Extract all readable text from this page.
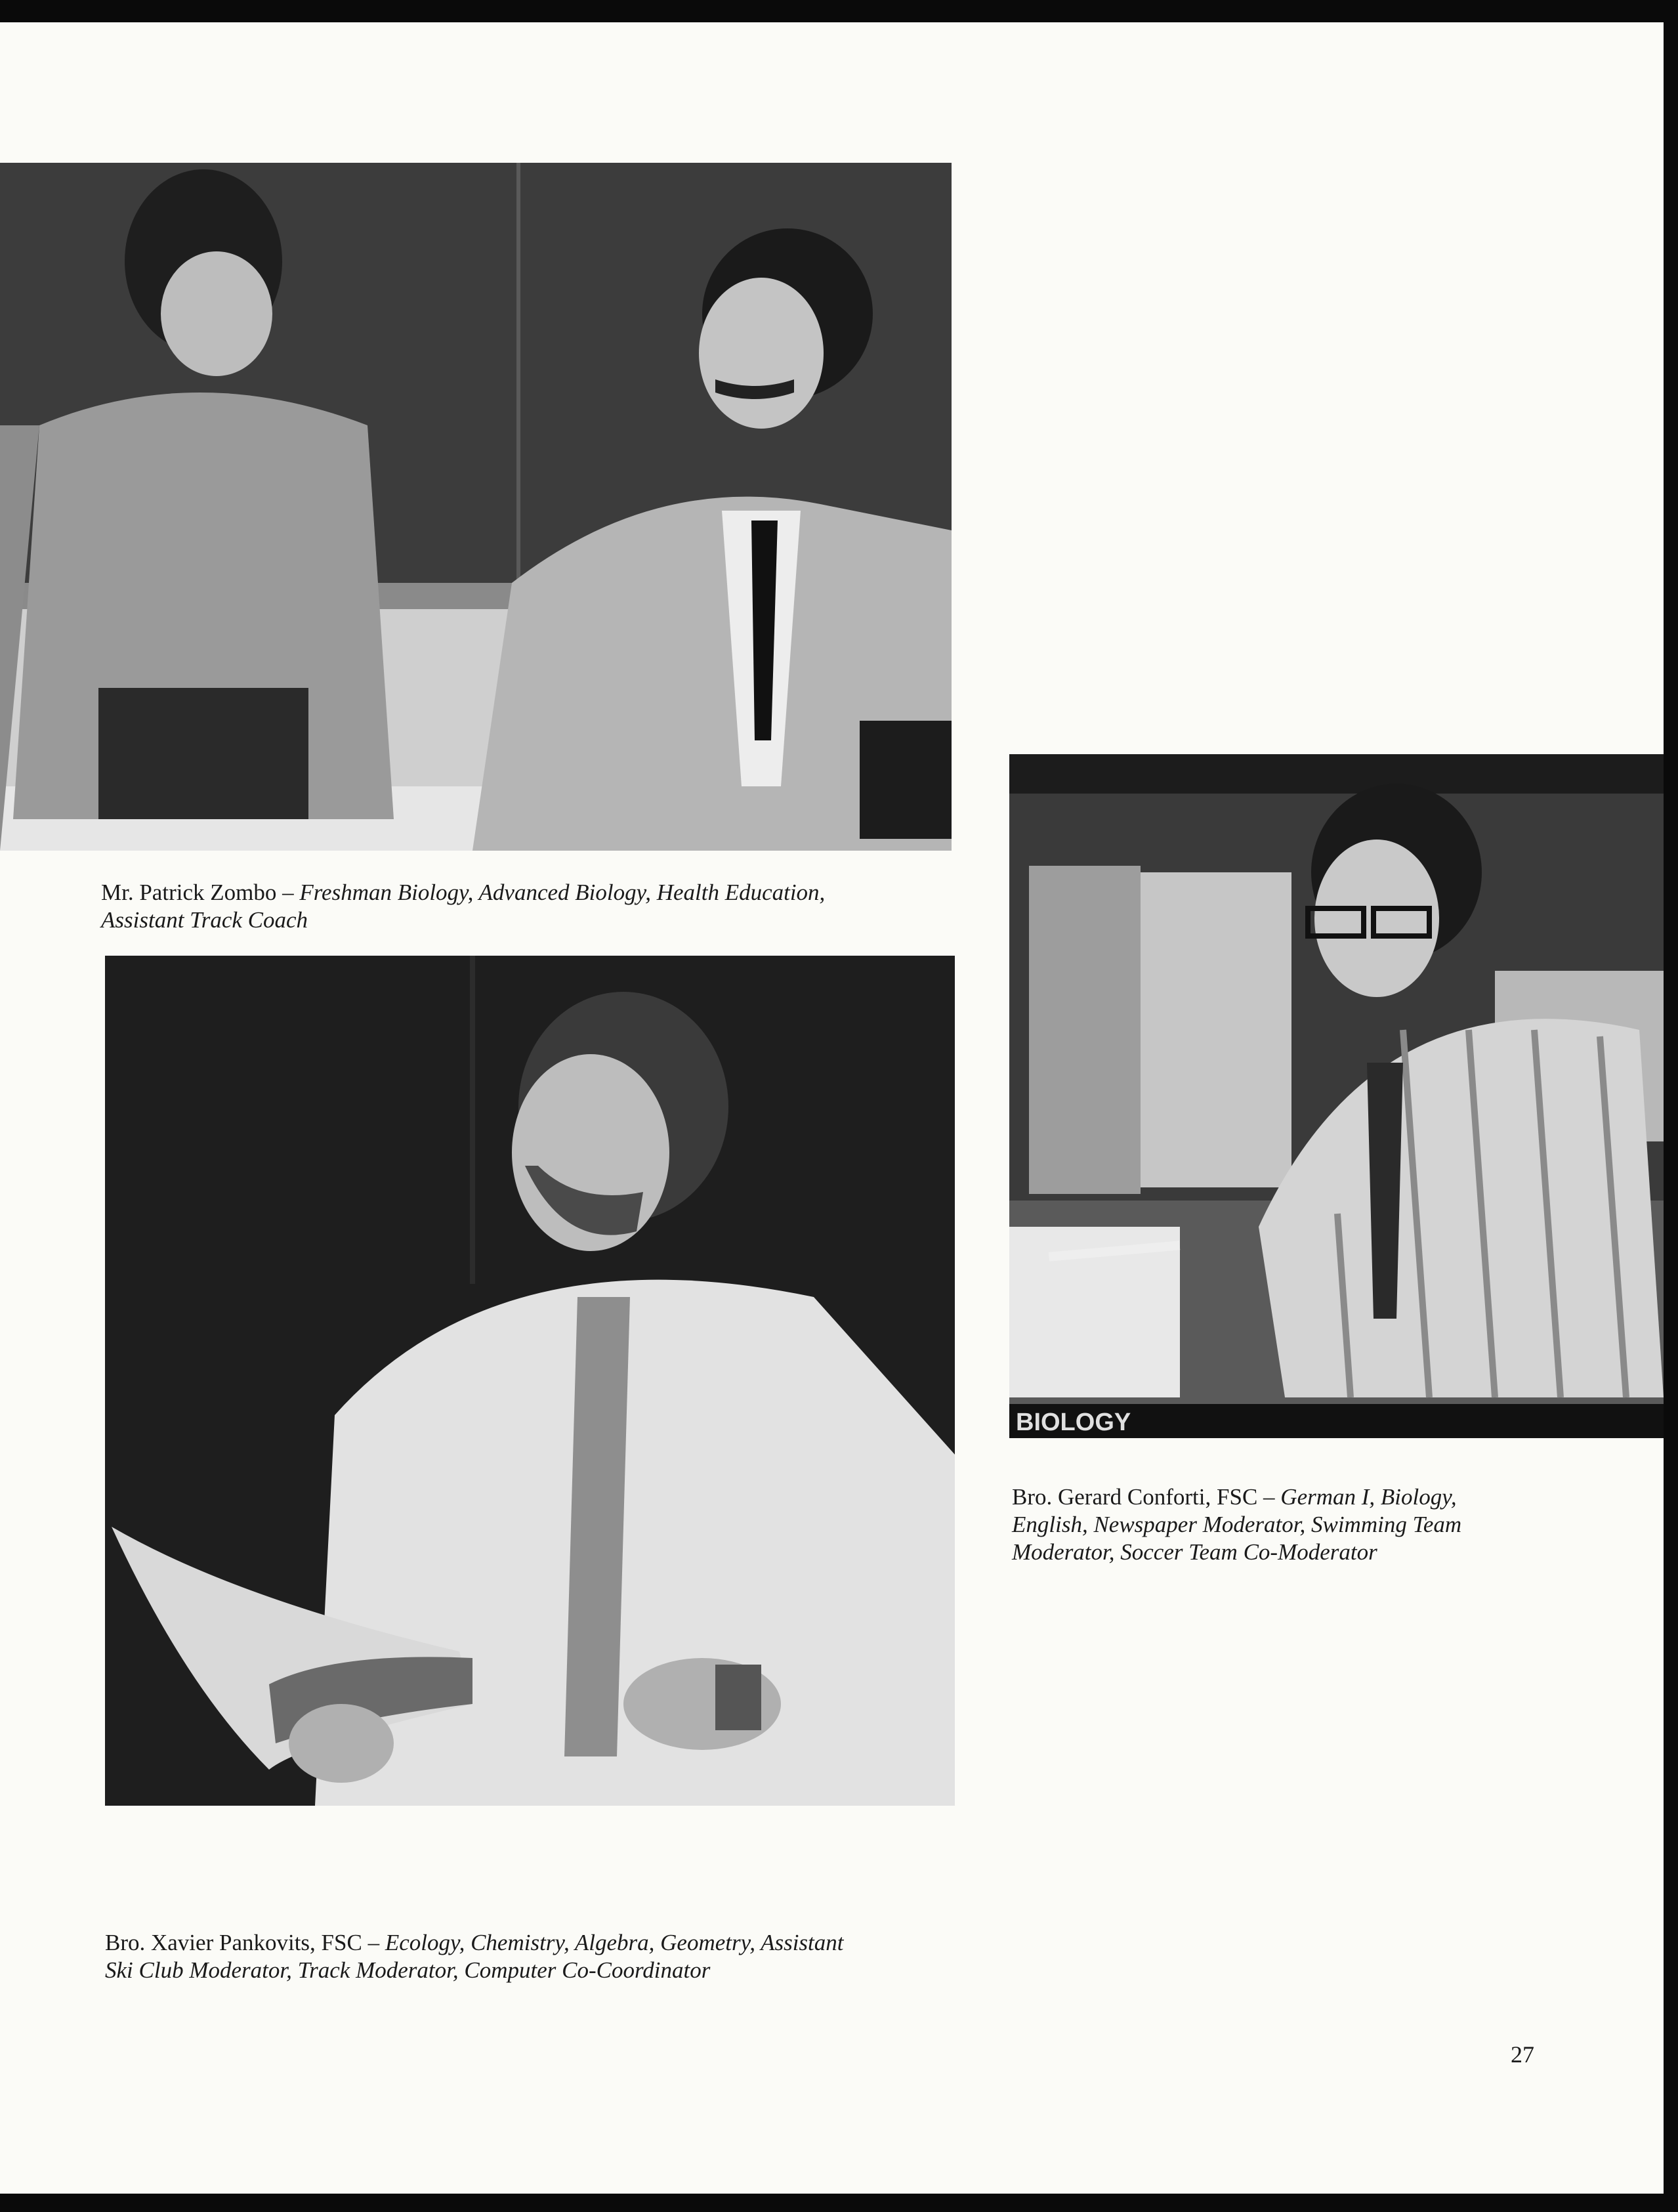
Mr. Patrick Zombo – Freshman Biology, Advanced Biology, Health Education,
Assistant Track Coach
BIOLOGY
Bro. Gerard Conforti, FSC – German I, Biology,
English, Newspaper Moderator, Swimming Team
Moderator, Soccer Team Co-Moderator
Bro. Xavier Pankovits, FSC – Ecology, Chemistry, Algebra, Geometry, Assistant
Ski Club Moderator, Track Moderator, Computer Co-Coordinator
27
